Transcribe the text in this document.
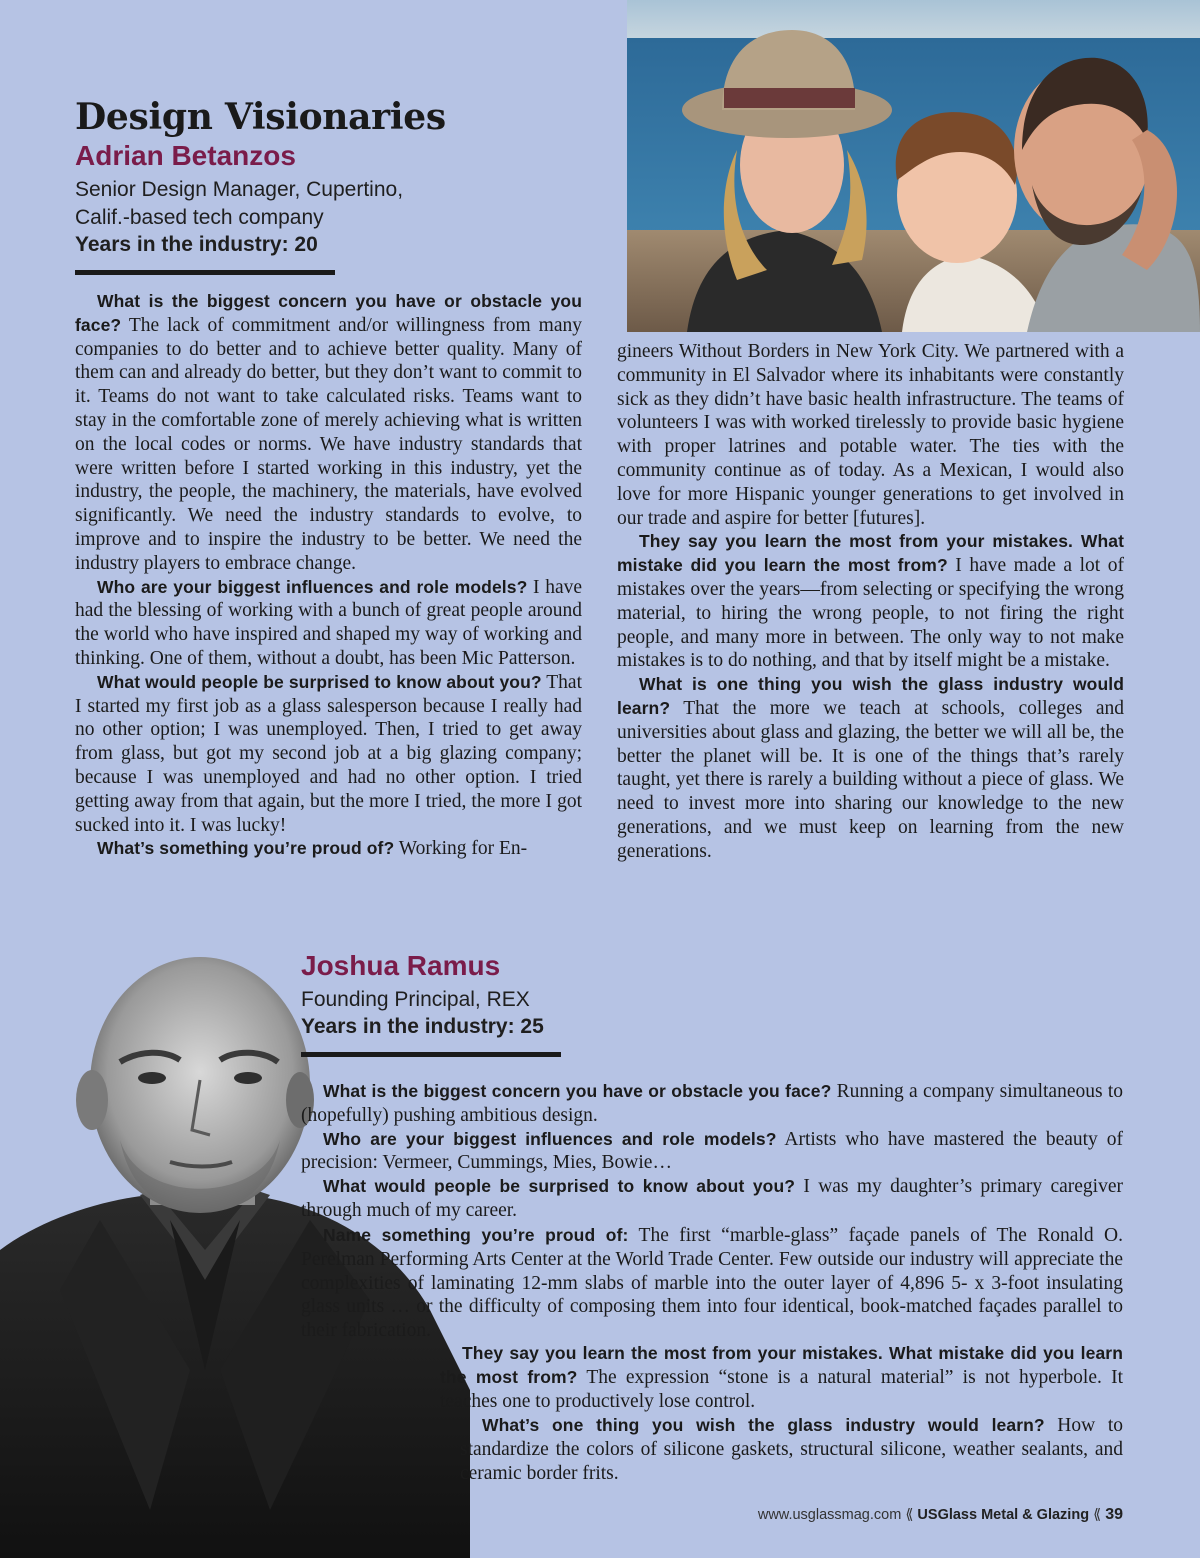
Design Visionaries
Adrian Betanzos
Senior Design Manager, Cupertino,
Calif.-based tech company
Years in the industry: 20

What is the biggest concern you have or obstacle you face? The lack of commitment and/or willingness from many companies to do better and to achieve better quality. Many of them can and already do better, but they don’t want to commit to it. Teams do not want to take calculated risks. Teams want to stay in the comfortable zone of merely achieving what is written on the local codes or norms. We have industry standards that were written before I started working in this industry, yet the industry, the people, the machinery, the materials, have evolved significantly. We need the industry standards to evolve, to improve and to inspire the industry to be better. We need the industry players to embrace change.

Who are your biggest influences and role models? I have had the blessing of working with a bunch of great people around the world who have inspired and shaped my way of working and thinking. One of them, without a doubt, has been Mic Patterson.

What would people be surprised to know about you? That I started my first job as a glass salesperson because I really had no other option; I was unemployed. Then, I tried to get away from glass, but got my second job at a big glazing company; because I was unemployed and had no other option. I tried getting away from that again, but the more I tried, the more I got sucked into it. I was lucky!

What’s something you’re proud of? Working for En-

gineers Without Borders in New York City. We partnered with a community in El Salvador where its inhabitants were constantly sick as they didn’t have basic health infrastructure. The teams of volunteers I was with worked tirelessly to provide basic hygiene with proper latrines and potable water. The ties with the community continue as of today. As a Mexican, I would also love for more Hispanic younger generations to get involved in our trade and aspire for better [futures].

They say you learn the most from your mistakes. What mistake did you learn the most from? I have made a lot of mistakes over the years—from selecting or specifying the wrong material, to hiring the wrong people, to not firing the right people, and many more in between. The only way to not make mistakes is to do nothing, and that by itself might be a mistake.

What is one thing you wish the glass industry would learn? That the more we teach at schools, colleges and universities about glass and glazing, the better we will all be, the better the planet will be. It is one of the things that’s rarely taught, yet there is rarely a building without a piece of glass. We need to invest more into sharing our knowledge to the new generations, and we must keep on learning from the new generations.

Joshua Ramus
Founding Principal, REX
Years in the industry: 25

What is the biggest concern you have or obstacle you face? Running a company simultaneous to (hopefully) pushing ambitious design.

Who are your biggest influences and role models? Artists who have mastered the beauty of precision: Vermeer, Cummings, Mies, Bowie…

What would people be surprised to know about you? I was my daughter’s primary caregiver through much of my career.

Name something you’re proud of: The first “marble-glass” façade panels of The Ronald O. Perelman Performing Arts Center at the World Trade Center. Few outside our industry will appreciate the complexities of laminating 12-mm slabs of marble into the outer layer of 4,896 5- x 3-foot insulating glass units … or the difficulty of composing them into four identical, book-matched façades parallel to their fabrication.

They say you learn the most from your mistakes. What mistake did you learn the most from? The expression “stone is a natural material” is not hyperbole. It teaches one to productively lose control.

What’s one thing you wish the glass industry would learn? How to standardize the colors of silicone gaskets, structural silicone, weather sealants, and ceramic border frits.

www.usglassmag.com ⟪ USGlass Metal & Glazing ⟪ 39
